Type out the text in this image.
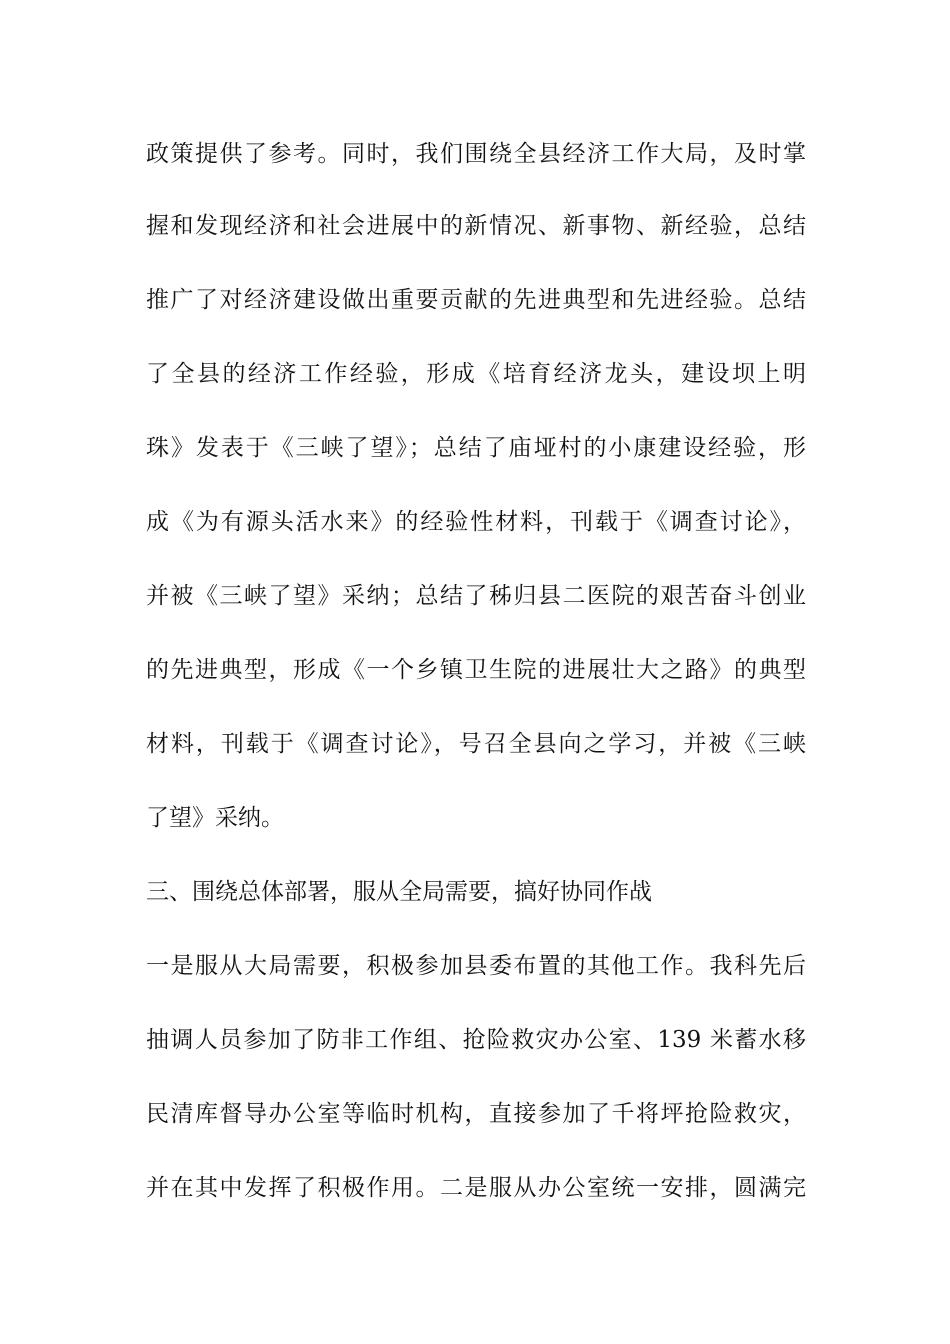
政策提供了参考。同时，我们围绕全县经济工作大局，及时掌
握和发现经济和社会进展中的新情况、新事物、新经验，总结
推广了对经济建设做出重要贡献的先进典型和先进经验。总结
了全县的经济工作经验，形成《培育经济龙头，建设坝上明
珠》发表于《三峡了望》；总结了庙垭村的小康建设经验，形
成《为有源头活水来》的经验性材料，刊载于《调查讨论》，
并被《三峡了望》采纳；总结了秭归县二医院的艰苦奋斗创业
的先进典型，形成《一个乡镇卫生院的进展壮大之路》的典型
材料，刊载于《调查讨论》，号召全县向之学习，并被《三峡
了望》采纳。
三、围绕总体部署，服从全局需要，搞好协同作战
一是服从大局需要，积极参加县委布置的其他工作。我科先后
抽调人员参加了防非工作组、抢险救灾办公室、139 米蓄水移
民清库督导办公室等临时机构，直接参加了千将坪抢险救灾，
并在其中发挥了积极作用。二是服从办公室统一安排，圆满完
